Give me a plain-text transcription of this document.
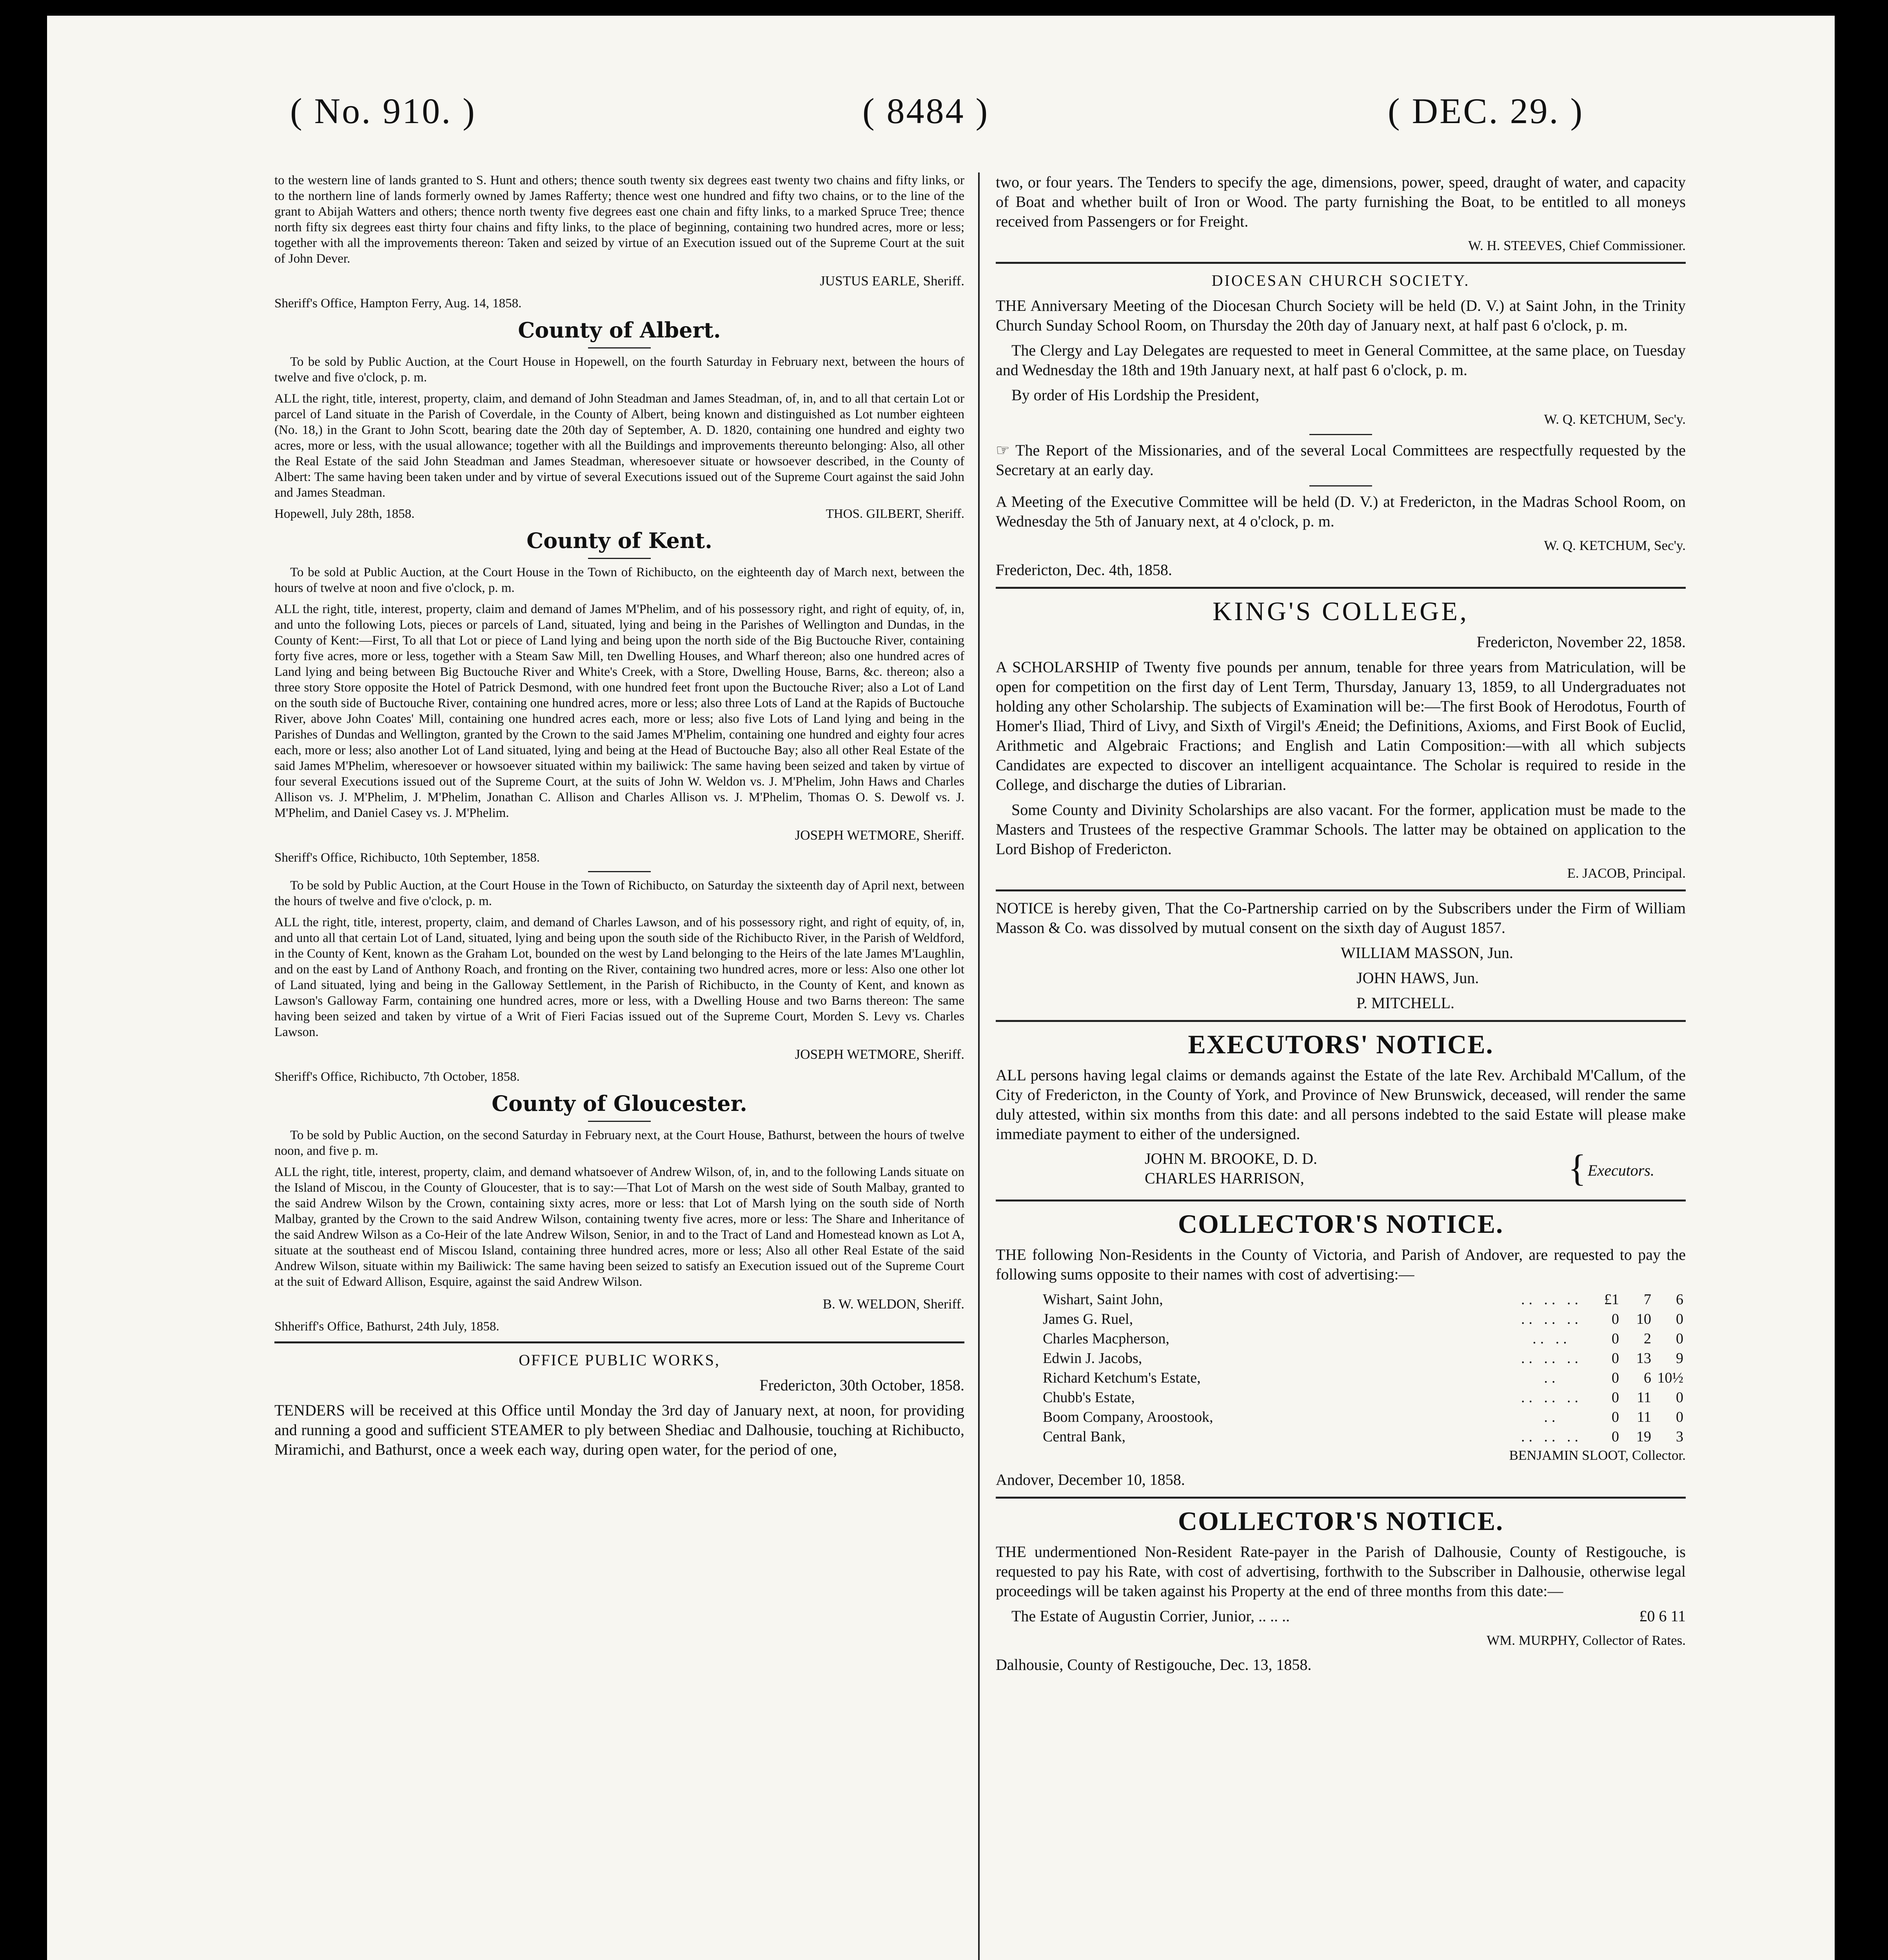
( No. 910. )	( 8484 )	( DEC. 29. )

to the western line of lands granted to S. Hunt and others; thence south twenty six degrees east twenty two chains and fifty links, or to the northern line of lands formerly owned by James Rafferty; thence west one hundred and fifty two chains, or to the line of the grant to Abijah Watters and others; thence north twenty five degrees east one chain and fifty links, to a marked Spruce Tree; thence north fifty six degrees east thirty four chains and fifty links, to the place of beginning, containing two hundred acres, more or less; together with all the improvements thereon: Taken and seized by virtue of an Execution issued out of the Supreme Court at the suit of John Dever.

JUSTUS EARLE, Sheriff.

Sheriff's Office, Hampton Ferry, Aug. 14, 1858.

County of Albert.

To be sold by Public Auction, at the Court House in Hopewell, on the fourth Saturday in February next, between the hours of twelve and five o'clock, p. m.

ALL the right, title, interest, property, claim, and demand of John Steadman and James Steadman, of, in, and to all that certain Lot or parcel of Land situate in the Parish of Coverdale, in the County of Albert, being known and distinguished as Lot number eighteen (No. 18,) in the Grant to John Scott, bearing date the 20th day of September, A. D. 1820, containing one hundred and eighty two acres, more or less, with the usual allowance; together with all the Buildings and improvements thereunto belonging: Also, all other the Real Estate of the said John Steadman and James Steadman, wheresoever situate or howsoever described, in the County of Albert: The same having been taken under and by virtue of several Executions issued out of the Supreme Court against the said John and James Steadman.

Hopewell, July 28th, 1858.	THOS. GILBERT, Sheriff.

County of Kent.

To be sold at Public Auction, at the Court House in the Town of Richibucto, on the eighteenth day of March next, between the hours of twelve at noon and five o'clock, p. m.

ALL the right, title, interest, property, claim and demand of James M'Phelim, and of his possessory right, and right of equity, of, in, and unto the following Lots, pieces or parcels of Land, situated, lying and being in the Parishes of Wellington and Dundas, in the County of Kent:—First, To all that Lot or piece of Land lying and being upon the north side of the Big Buctouche River, containing forty five acres, more or less, together with a Steam Saw Mill, ten Dwelling Houses, and Wharf thereon; also one hundred acres of Land lying and being between Big Buctouche River and White's Creek, with a Store, Dwelling House, Barns, &c. thereon; also a three story Store opposite the Hotel of Patrick Desmond, with one hundred feet front upon the Buctouche River; also a Lot of Land on the south side of Buctouche River, containing one hundred acres, more or less; also three Lots of Land at the Rapids of Buctouche River, above John Coates' Mill, containing one hundred acres each, more or less; also five Lots of Land lying and being in the Parishes of Dundas and Wellington, granted by the Crown to the said James M'Phelim, containing one hundred and eighty four acres each, more or less; also another Lot of Land situated, lying and being at the Head of Buctouche Bay; also all other Real Estate of the said James M'Phelim, wheresoever or howsoever situated within my bailiwick: The same having been seized and taken by virtue of four several Executions issued out of the Supreme Court, at the suits of John W. Weldon vs. J. M'Phelim, John Haws and Charles Allison vs. J. M'Phelim, J. M'Phelim, Jonathan C. Allison and Charles Allison vs. J. M'Phelim, Thomas O. S. Dewolf vs. J. M'Phelim, and Daniel Casey vs. J. M'Phelim.

JOSEPH WETMORE, Sheriff.

Sheriff's Office, Richibucto, 10th September, 1858.

To be sold by Public Auction, at the Court House in the Town of Richibucto, on Saturday the sixteenth day of April next, between the hours of twelve and five o'clock, p. m.

ALL the right, title, interest, property, claim, and demand of Charles Lawson, and of his possessory right, and right of equity, of, in, and unto all that certain Lot of Land, situated, lying and being upon the south side of the Richibucto River, in the Parish of Weldford, in the County of Kent, known as the Graham Lot, bounded on the west by Land belonging to the Heirs of the late James M'Laughlin, and on the east by Land of Anthony Roach, and fronting on the River, containing two hundred acres, more or less: Also one other lot of Land situated, lying and being in the Galloway Settlement, in the Parish of Richibucto, in the County of Kent, and known as Lawson's Galloway Farm, containing one hundred acres, more or less, with a Dwelling House and two Barns thereon: The same having been seized and taken by virtue of a Writ of Fieri Facias issued out of the Supreme Court, Morden S. Levy vs. Charles Lawson.

JOSEPH WETMORE, Sheriff.

Sheriff's Office, Richibucto, 7th October, 1858.

County of Gloucester.

To be sold by Public Auction, on the second Saturday in February next, at the Court House, Bathurst, between the hours of twelve noon, and five p. m.

ALL the right, title, interest, property, claim, and demand whatsoever of Andrew Wilson, of, in, and to the following Lands situate on the Island of Miscou, in the County of Gloucester, that is to say:—That Lot of Marsh on the west side of South Malbay, granted to the said Andrew Wilson by the Crown, containing sixty acres, more or less: that Lot of Marsh lying on the south side of North Malbay, granted by the Crown to the said Andrew Wilson, containing twenty five acres, more or less: The Share and Inheritance of the said Andrew Wilson as a Co-Heir of the late Andrew Wilson, Senior, in and to the Tract of Land and Homestead known as Lot A, situate at the southeast end of Miscou Island, containing three hundred acres, more or less; Also all other Real Estate of the said Andrew Wilson, situate within my Bailiwick: The same having been seized to satisfy an Execution issued out of the Supreme Court at the suit of Edward Allison, Esquire, against the said Andrew Wilson.

B. W. WELDON, Sheriff.

Shheriff's Office, Bathurst, 24th July, 1858.

OFFICE PUBLIC WORKS,

Fredericton, 30th October, 1858.

TENDERS will be received at this Office until Monday the 3rd day of January next, at noon, for providing and running a good and sufficient STEAMER to ply between Shediac and Dalhousie, touching at Richibucto, Miramichi, and Bathurst, once a week each way, during open water, for the period of one,

two, or four years. The Tenders to specify the age, dimensions, power, speed, draught of water, and capacity of Boat and whether built of Iron or Wood. The party furnishing the Boat, to be entitled to all moneys received from Passengers or for Freight.

W. H. STEEVES, Chief Commissioner.

DIOCESAN CHURCH SOCIETY.

THE Anniversary Meeting of the Diocesan Church Society will be held (D. V.) at Saint John, in the Trinity Church Sunday School Room, on Thursday the 20th day of January next, at half past 6 o'clock, p. m.

The Clergy and Lay Delegates are requested to meet in General Committee, at the same place, on Tuesday and Wednesday the 18th and 19th January next, at half past 6 o'clock, p. m.

By order of His Lordship the President,

W. Q. KETCHUM, Sec'y.

☞ The Report of the Missionaries, and of the several Local Committees are respectfully requested by the Secretary at an early day.

A Meeting of the Executive Committee will be held (D. V.) at Fredericton, in the Madras School Room, on Wednesday the 5th of January next, at 4 o'clock, p. m.

W. Q. KETCHUM, Sec'y.

Fredericton, Dec. 4th, 1858.

KING'S COLLEGE,

Fredericton, November 22, 1858.

A SCHOLARSHIP of Twenty five pounds per annum, tenable for three years from Matriculation, will be open for competition on the first day of Lent Term, Thursday, January 13, 1859, to all Undergraduates not holding any other Scholarship. The subjects of Examination will be:—The first Book of Herodotus, Fourth of Homer's Iliad, Third of Livy, and Sixth of Virgil's Æneid; the Definitions, Axioms, and First Book of Euclid, Arithmetic and Algebraic Fractions; and English and Latin Composition:—with all which subjects Candidates are expected to discover an intelligent acquaintance. The Scholar is required to reside in the College, and discharge the duties of Librarian.

Some County and Divinity Scholarships are also vacant. For the former, application must be made to the Masters and Trustees of the respective Grammar Schools. The latter may be obtained on application to the Lord Bishop of Fredericton.

E. JACOB, Principal.

NOTICE is hereby given, That the Co-Partnership carried on by the Subscribers under the Firm of William Masson & Co. was dissolved by mutual consent on the sixth day of August 1857.

WILLIAM MASSON, Jun.

JOHN HAWS, Jun.

P. MITCHELL.

EXECUTORS' NOTICE.

ALL persons having legal claims or demands against the Estate of the late Rev. Archibald M'Callum, of the City of Fredericton, in the County of York, and Province of New Brunswick, deceased, will render the same duly attested, within six months from this date: and all persons indebted to the said Estate will please make immediate payment to either of the undersigned.

JOHN M. BROOKE, D. D.
CHARLES HARRISON,	{ Executors.
COLLECTOR'S NOTICE.

THE following Non-Residents in the County of Victoria, and Parish of Andover, are requested to pay the following sums opposite to their names with cost of advertising:—

Wishart, Saint John,	.. .. ..	£1	7	6
James G. Ruel,	.. .. ..	0	10	0
Charles Macpherson,	.. ..	0	2	0
Edwin J. Jacobs,	.. .. ..	0	13	9
Richard Ketchum's Estate,	..	0	6	10½
Chubb's Estate,	.. .. ..	0	11	0
Boom Company, Aroostook,	..	0	11	0
Central Bank,	.. .. ..	0	19	3

BENJAMIN SLOOT, Collector.

Andover, December 10, 1858.

COLLECTOR'S NOTICE.

THE undermentioned Non-Resident Rate-payer in the Parish of Dalhousie, County of Restigouche, is requested to pay his Rate, with cost of advertising, forthwith to the Subscriber in Dalhousie, otherwise legal proceedings will be taken against his Property at the end of three months from this date:—

The Estate of Augustin Corrier, Junior, .. .. ..	£0 6 11

WM. MURPHY, Collector of Rates.

Dalhousie, County of Restigouche, Dec. 13, 1858.
